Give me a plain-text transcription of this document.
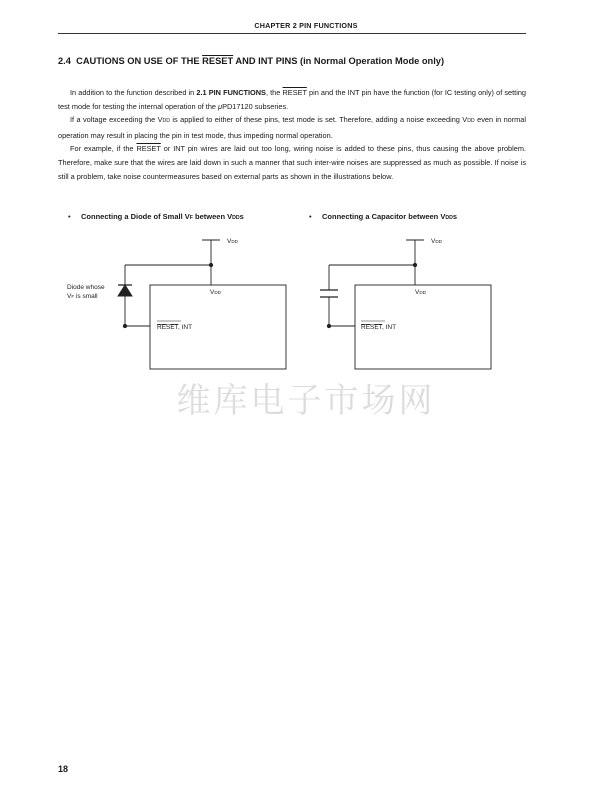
CHAPTER 2 PIN FUNCTIONS
2.4 CAUTIONS ON USE OF THE RESET AND INT PINS (in Normal Operation Mode only)

In addition to the function described in 2.1 PIN FUNCTIONS, the RESET pin and the INT pin have the function (for IC testing only) of setting test mode for testing the internal operation of the μPD17120 subseries.

If a voltage exceeding the VDD is applied to either of these pins, test mode is set. Therefore, adding a noise exceeding VDD even in normal operation may result in placing the pin in test mode, thus impeding normal operation.

For example, if the RESET or INT pin wires are laid out too long, wiring noise is added to these pins, thus causing the above problem. Therefore, make sure that the wires are laid down in such a manner that such inter-wire noises are suppressed as much as possible. If noise is still a problem, take noise countermeasures based on external parts as shown in the illustrations below.

• Connecting a Diode of Small VF between VDDs	• Connecting a Capacitor between VDDs
VDD
VDD
RESET, INT
Diode whose
VF is small
VDD
VDD
RESET, INT
维库电子市场网
18
